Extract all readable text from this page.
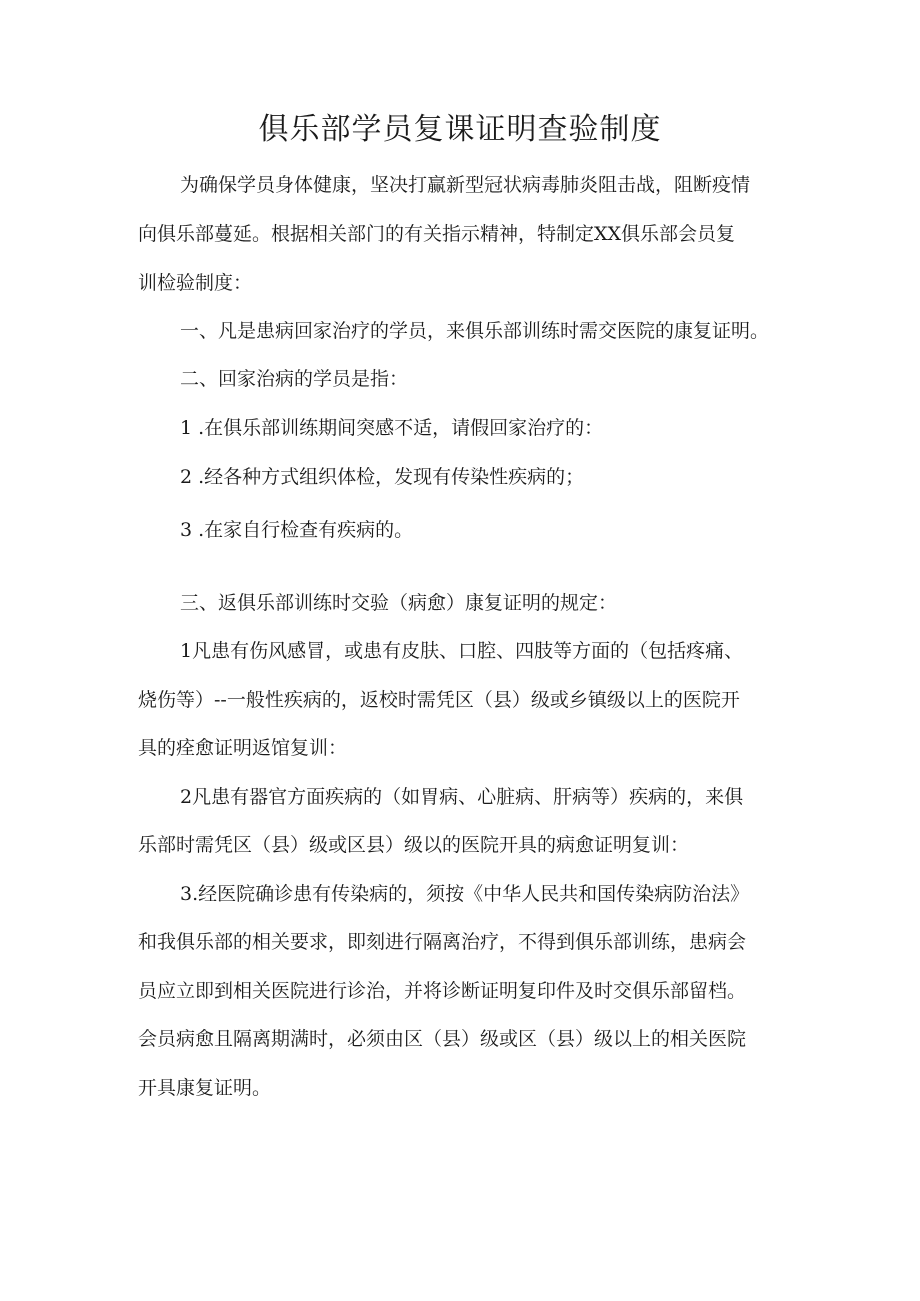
俱乐部学员复课证明查验制度
为确保学员身体健康，坚决打赢新型冠状病毒肺炎阻击战，阻断疫情
向俱乐部蔓延。根据相关部门的有关指示精神，特制定XX俱乐部会员复
训检验制度：
一、凡是患病回家治疗的学员，来俱乐部训练时需交医院的康复证明。
二、回家治病的学员是指：
1 .在俱乐部训练期间突感不适，请假回家治疗的：
2 .经各种方式组织体检，发现有传染性疾病的；
3 .在家自行检查有疾病的。
三、返俱乐部训练时交验（病愈）康复证明的规定：
1凡患有伤风感冒，或患有皮肤、口腔、四肢等方面的（包括疼痛、
烧伤等）--一般性疾病的，返校时需凭区（县）级或乡镇级以上的医院开
具的痊愈证明返馆复训：
2凡患有器官方面疾病的（如胃病、心脏病、肝病等）疾病的，来俱
乐部时需凭区（县）级或区县）级以的医院开具的病愈证明复训：
3.经医院确诊患有传染病的，须按《中华人民共和国传染病防治法》
和我俱乐部的相关要求，即刻进行隔离治疗，不得到俱乐部训练，患病会
员应立即到相关医院进行诊治，并将诊断证明复印件及时交俱乐部留档。
会员病愈且隔离期满时，必须由区（县）级或区（县）级以上的相关医院
开具康复证明。
